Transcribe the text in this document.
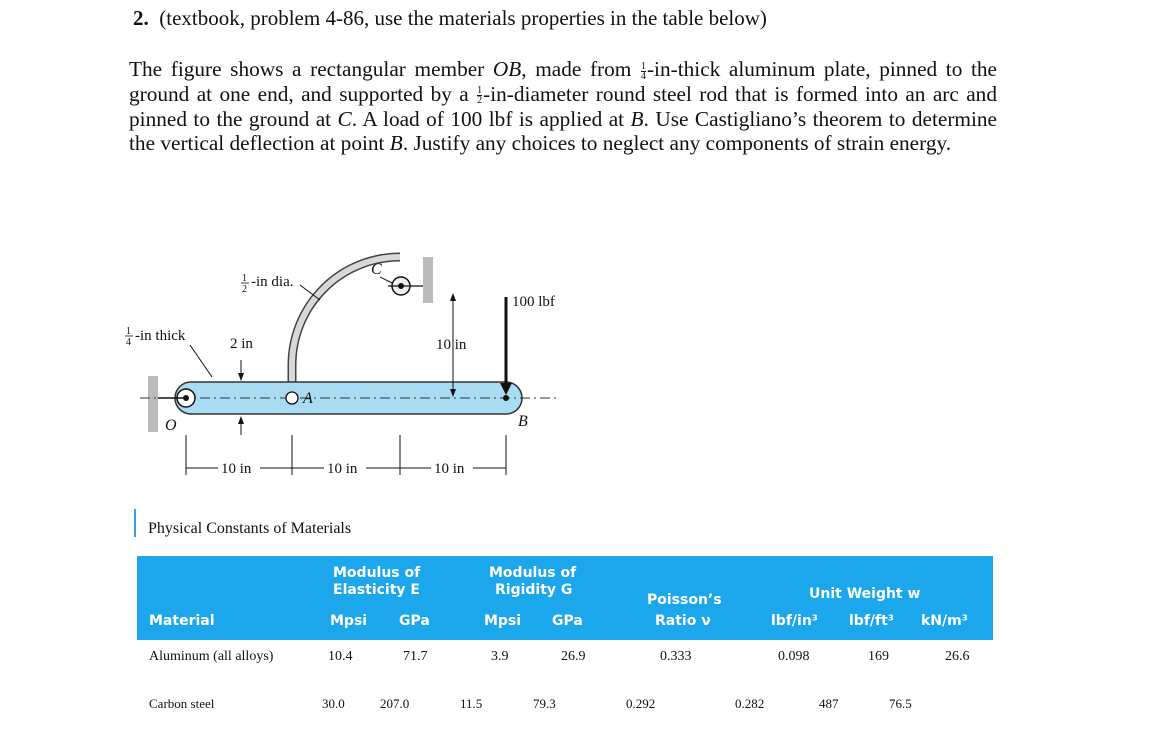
2. (textbook, problem 4-86, use the materials properties in the table below)
The figure shows a rectangular member OB, made from $\frac{1}{4}$ -in-thick aluminum plate, pinned to the ground at one end, and supported by a $\frac{1}{2}$ -in-diameter round steel rod that is formed into an arc and pinned to the ground at C. A load of 100 lbf is applied at B. Use Castigliano’s theorem to determine the vertical deflection at point B. Justify any choices to neglect any components of strain energy.
1
2 -in dia.
1
4 -in thick	2 in
C
A
O	B
100 lbf
10 in
10 in	10 in	10 in
Physical Constants of Materials
Material
Modulus of
Elasticity E
Mpsi GPa
Modulus of
Rigidity G
Mpsi GPa
Poisson’s
Ratio ν
Unit Weight w
lbf/in³ lbf/ft³ kN/m³
Aluminum (all alloys)	10.4	71.7	3.9	26.9	0.333	0.098	169	26.6
Carbon steel	30.0	207.0	11.5	79.3	0.292	0.282	487	76.5
